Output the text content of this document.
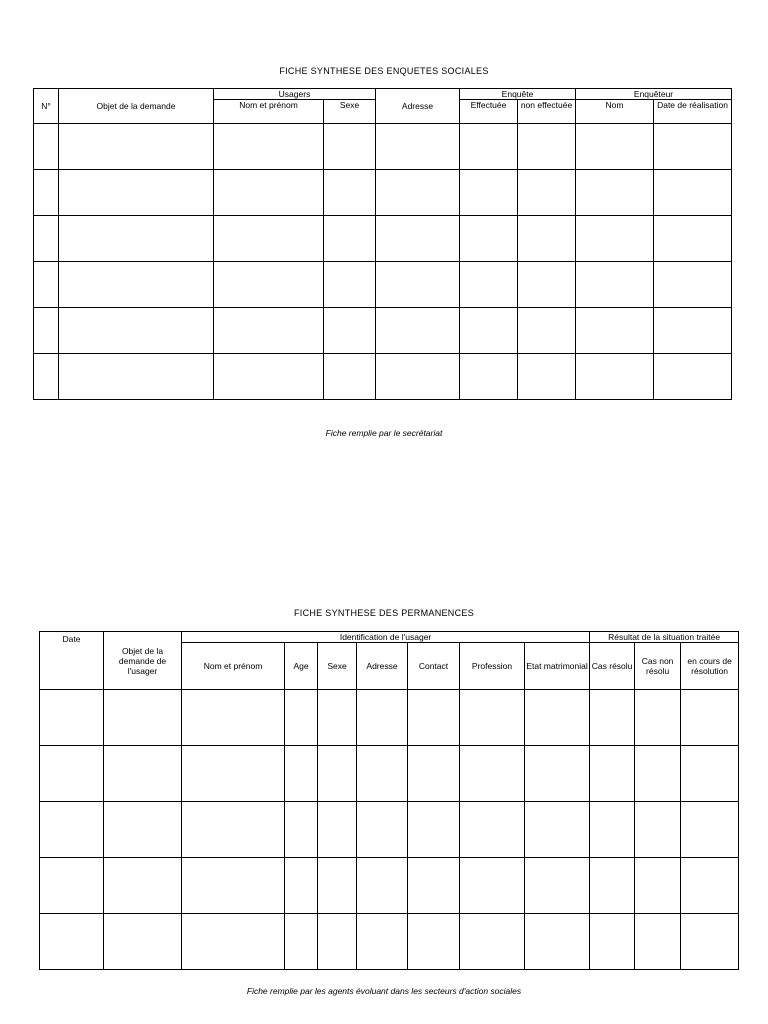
FICHE SYNTHESE DES ENQUETES SOCIALES
N°	Objet de la demande	Usagers		Adresse	Enquête		Enquêteur	
		Nom et prénom	Sexe		Effectuée	non effectuée	Nom	Date de réalisation

Fiche remplie par le secrétariat
FICHE SYNTHESE DES PERMANENCES
Date	Objet de la demande de l'usager	Identification de l'usager							Résultat de la situation traitée		
		Nom et prénom	Age	Sexe	Adresse	Contact	Profession	Etat matrimonial	Cas résolu	Cas non résolu	en cours de résolution

Fiche remplie par les agents évoluant dans les secteurs d'action sociales
